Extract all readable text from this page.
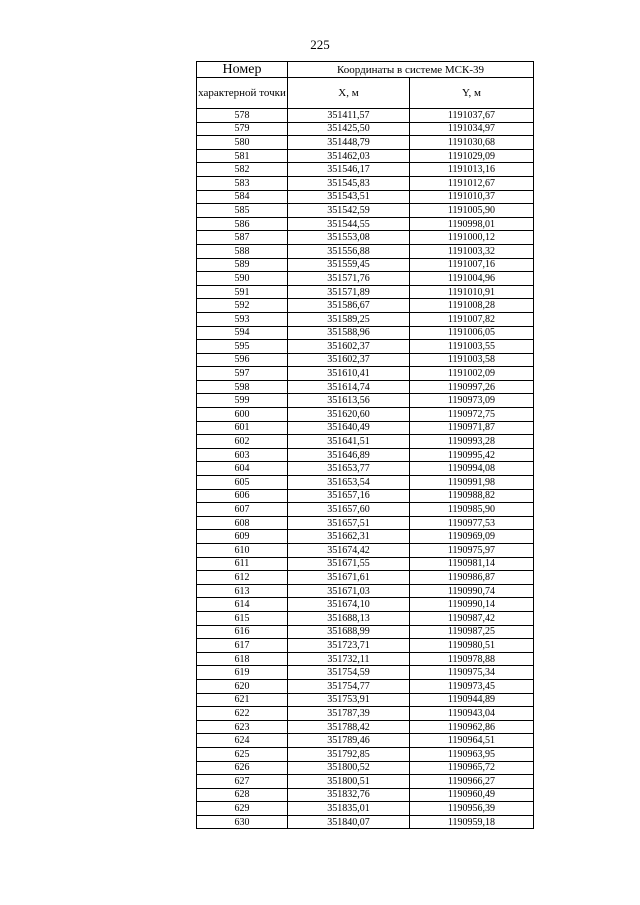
225
Номер	Координаты в системе МСК-39	
характерной точки	X, м	Y, м
578	351411,57	1191037,67
579	351425,50	1191034,97
580	351448,79	1191030,68
581	351462,03	1191029,09
582	351546,17	1191013,16
583	351545,83	1191012,67
584	351543,51	1191010,37
585	351542,59	1191005,90
586	351544,55	1190998,01
587	351553,08	1191000,12
588	351556,88	1191003,32
589	351559,45	1191007,16
590	351571,76	1191004,96
591	351571,89	1191010,91
592	351586,67	1191008,28
593	351589,25	1191007,82
594	351588,96	1191006,05
595	351602,37	1191003,55
596	351602,37	1191003,58
597	351610,41	1191002,09
598	351614,74	1190997,26
599	351613,56	1190973,09
600	351620,60	1190972,75
601	351640,49	1190971,87
602	351641,51	1190993,28
603	351646,89	1190995,42
604	351653,77	1190994,08
605	351653,54	1190991,98
606	351657,16	1190988,82
607	351657,60	1190985,90
608	351657,51	1190977,53
609	351662,31	1190969,09
610	351674,42	1190975,97
611	351671,55	1190981,14
612	351671,61	1190986,87
613	351671,03	1190990,74
614	351674,10	1190990,14
615	351688,13	1190987,42
616	351688,99	1190987,25
617	351723,71	1190980,51
618	351732,11	1190978,88
619	351754,59	1190975,34
620	351754,77	1190973,45
621	351753,91	1190944,89
622	351787,39	1190943,04
623	351788,42	1190962,86
624	351789,46	1190964,51
625	351792,85	1190963,95
626	351800,52	1190965,72
627	351800,51	1190966,27
628	351832,76	1190960,49
629	351835,01	1190956,39
630	351840,07	1190959,18
